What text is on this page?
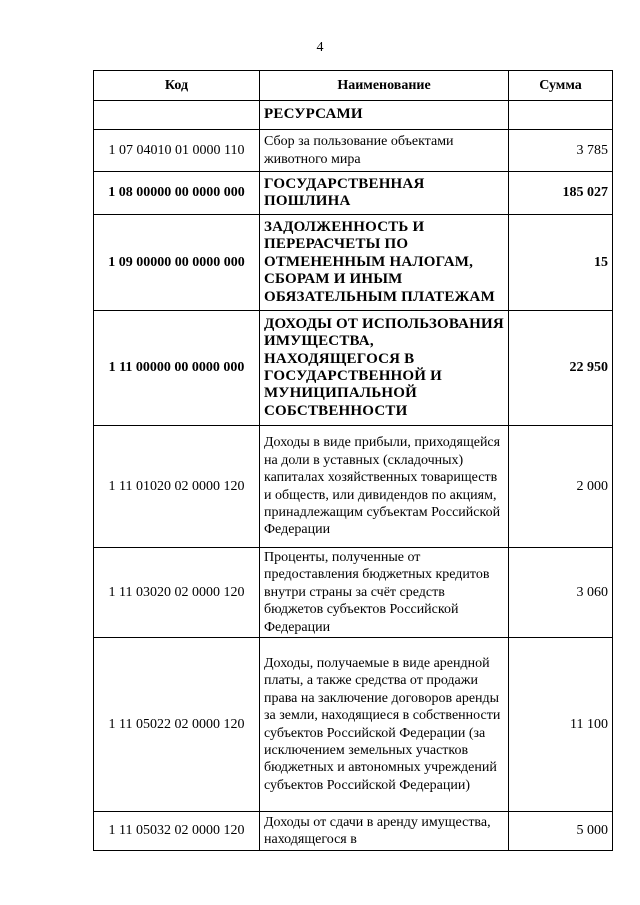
4
Код	Наименование	Сумма
	РЕСУРСАМИ	
1 07 04010 01 0000 110	Сбор за пользование объектами животного мира	3 785
1 08 00000 00 0000 000	ГОСУДАРСТВЕННАЯ ПОШЛИНА	185 027
1 09 00000 00 0000 000	ЗАДОЛЖЕННОСТЬ И ПЕРЕРАСЧЕТЫ ПО ОТМЕНЕННЫМ НАЛОГАМ, СБОРАМ И ИНЫМ ОБЯЗАТЕЛЬНЫМ ПЛАТЕЖАМ	15
1 11 00000 00 0000 000	ДОХОДЫ ОТ ИСПОЛЬЗОВАНИЯ ИМУЩЕСТВА, НАХОДЯЩЕГОСЯ В ГОСУДАРСТВЕННОЙ И МУНИЦИПАЛЬНОЙ СОБСТВЕННОСТИ	22 950
1 11 01020 02 0000 120	Доходы в виде прибыли, приходящейся на доли в уставных (складочных) капиталах хозяйственных товариществ и обществ, или дивидендов по акциям, принадлежащим субъектам Российской Федерации	2 000
1 11 03020 02 0000 120	Проценты, полученные от предоставления бюджетных кредитов внутри страны за счёт средств бюджетов субъектов Российской Федерации	3 060
1 11 05022 02 0000 120	Доходы, получаемые в виде арендной платы, а также средства от продажи права на заключение договоров аренды за земли, находящиеся в собственности субъектов Российской Федерации (за исключением земельных участков бюджетных и автономных учреждений субъектов Российской Федерации)	11 100
1 11 05032 02 0000 120	Доходы от сдачи в аренду имущества, находящегося в	5 000
